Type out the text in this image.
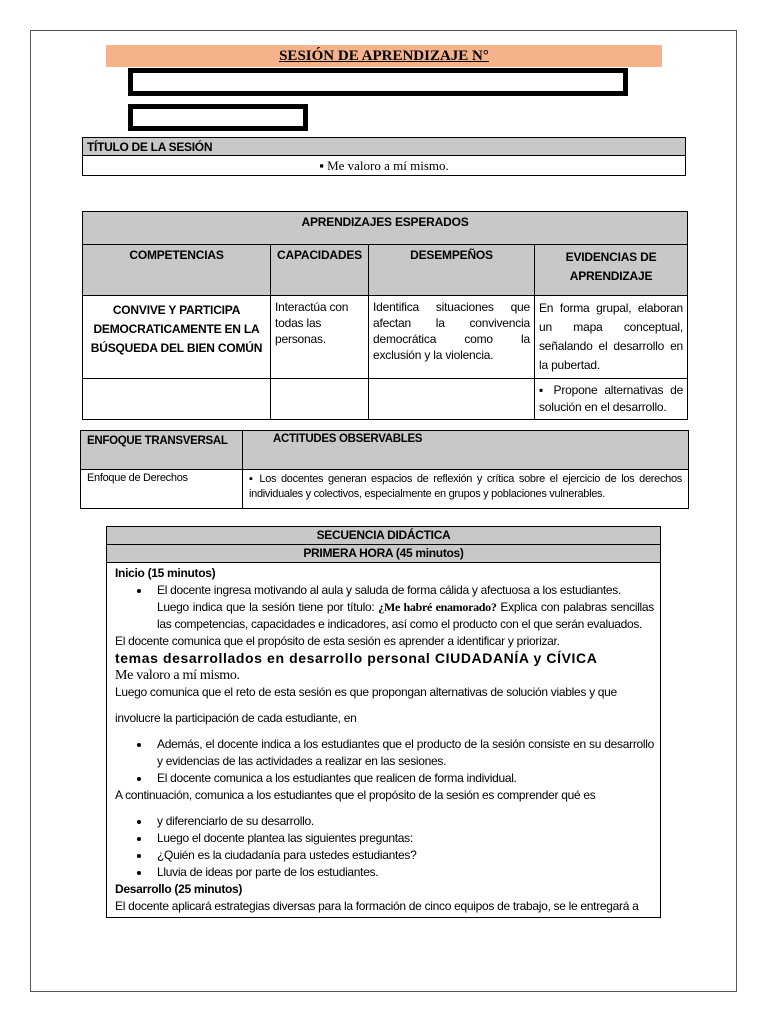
SESIÓN DE APRENDIZAJE N°
TÍTULO DE LA SESIÓN
▪ Me valoro a mí mismo.
APRENDIZAJES ESPERADOS			
COMPETENCIAS	CAPACIDADES	DESEMPEÑOS	EVIDENCIAS DE APRENDIZAJE
CONVIVE Y PARTICIPA DEMOCRATICAMENTE EN LA BÚSQUEDA DEL BIEN COMÚN	Interactúa con todas las personas.	Identifica situaciones que afectan la convivencia democrática como la exclusión y la violencia.	En forma grupal, elaboran un mapa conceptual, señalando el desarrollo en la pubertad.
			▪ Propone alternativas de solución en el desarrollo.
ENFOQUE TRANSVERSAL	ACTITUDES OBSERVABLES
Enfoque de Derechos	▪ Los docentes generan espacios de reflexión y crítica sobre el ejercicio de los derechos individuales y colectivos, especialmente en grupos y poblaciones vulnerables.
SECUENCIA DIDÁCTICA
PRIMERA HORA (45 minutos)

Inicio (15 minutos)

• El docente ingresa motivando al aula y saluda de forma cálida y afectuosa a los estudiantes.

Luego indica que la sesión tiene por título: ¿Me habré enamorado? Explica con palabras sencillas las competencias, capacidades e indicadores, así como el producto con el que serán evaluados.

El docente comunica que el propósito de esta sesión es aprender a identificar y priorizar.

temas desarrollados en desarrollo personal CIUDADANÍA y CÍVICA

Me valoro a mí mismo.

Luego comunica que el reto de esta sesión es que propongan alternativas de solución viables y que

involucre la participación de cada estudiante, en

• Además, el docente indica a los estudiantes que el producto de la sesión consiste en su desarrollo y evidencias de las actividades a realizar en las sesiones.
• El docente comunica a los estudiantes que realicen de forma individual.

A continuación, comunica a los estudiantes que el propósito de la sesión es comprender qué es

• y diferenciarlo de su desarrollo.
• Luego el docente plantea las siguientes preguntas:
• ¿Quién es la ciudadanía para ustedes estudiantes?
• Lluvia de ideas por parte de los estudiantes.

Desarrollo (25 minutos)

El docente aplicará estrategias diversas para la formación de cinco equipos de trabajo, se le entregará a
